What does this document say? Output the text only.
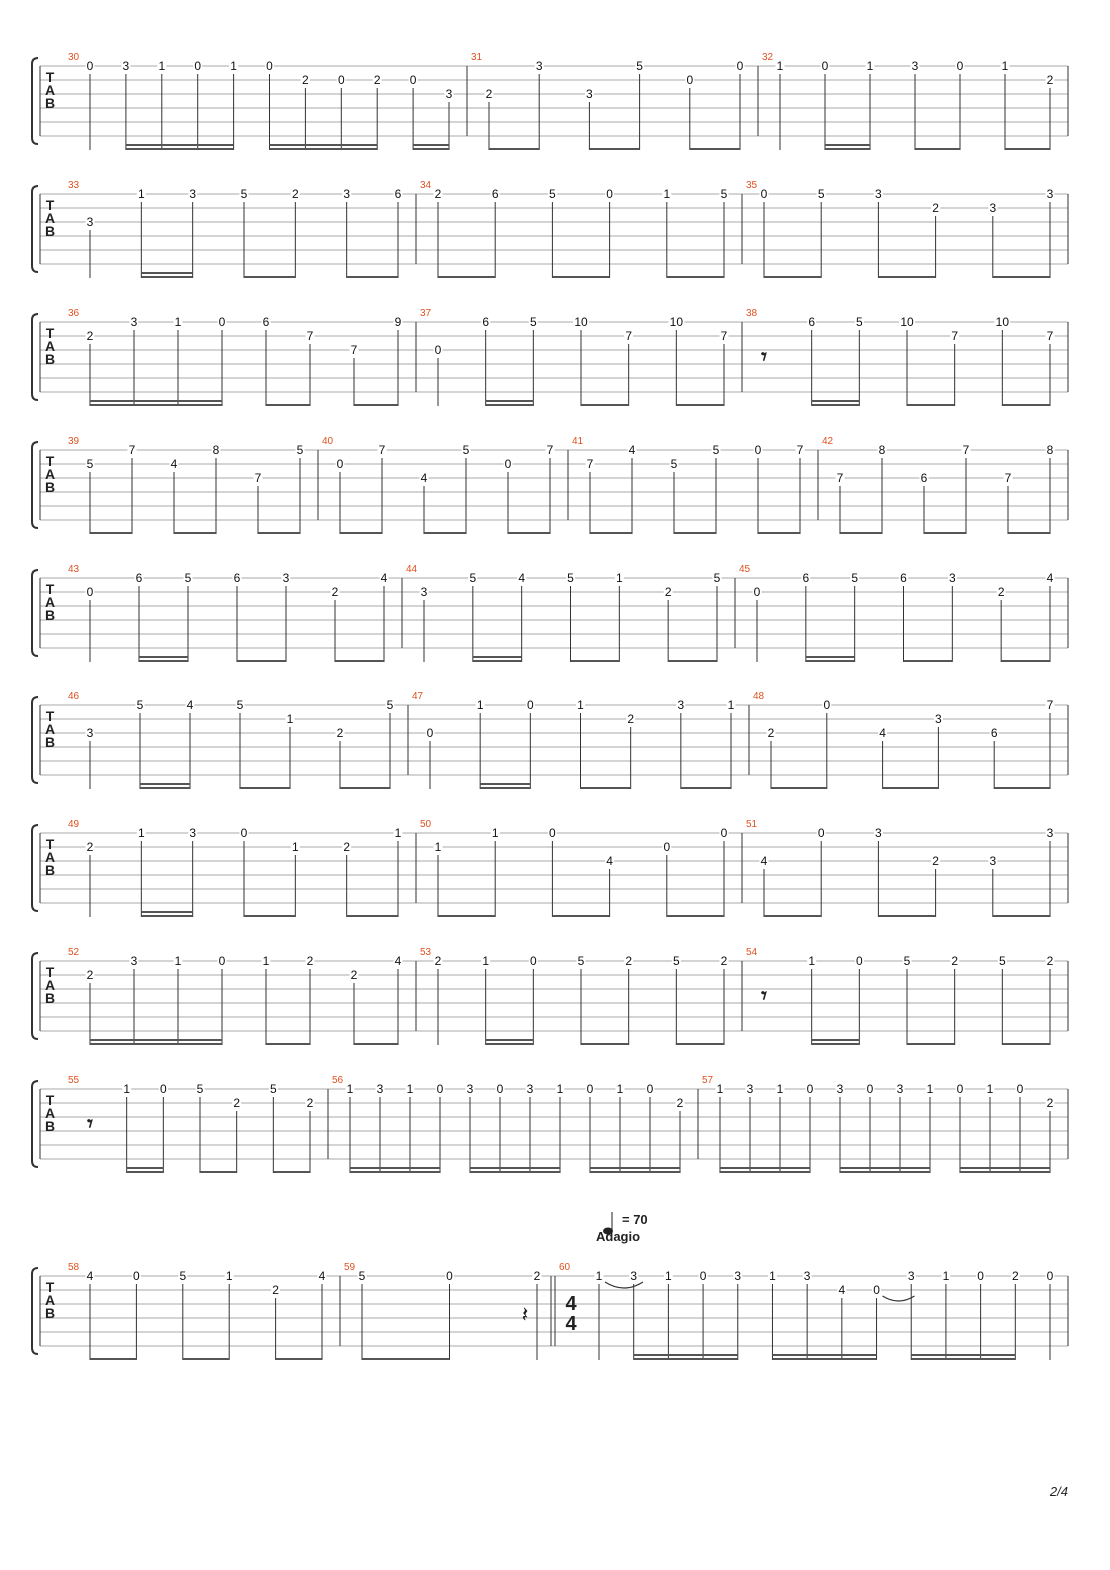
T
A
B
30
0 3 1 0 1 0
2 0 2 0
3
31
2
3
3
5
0
0
32
1	0	1	3	0	1
2
T
A
B
33
3
1	3	5	2	3	6
34
2	6	5	0	1	5
35
0	5	3
2	3
3
T
A
B
36
2
3	1	0	6
7
7
9
37
0
6	5	10
7
10
7
38
𝄾
6	5	10
7
10
7
T
A
B
39
5
7
4
8
7
5
40
0
7
4
5
0
7
41
7
4
5
5	0	7
42
7
8
6
7
7
8
T
A
B
43
0
6	5	6	3
2
4
44
3
5	4	5	1
2
5
45
0
6	5	6	3
2
4
T
A
B
46
3
5	4	5
1
2
5
47
0
1	0	1
2
3	1
48
2
0
4
3
6
7
T
A
B
49
2
1	3	0
1	2
1
50
1
1	0
4
0
0
51
4
0	3
2	3
3
T
A
B
52
2
3	1	0	1	2
2
4
53
2	1	0	5	2	5	2
54
𝄾
1	0	5	2	5	2
T
A
B
55
𝄾
1 0 5
2
5
2
56
1 3 1 0 3 0 3 1 0 1 0
2
57
1 3 1 0 3 0 3 1 0 1 0
2
T
A
B	4
4
= 70
Adagio
58
4	0	5	1
2
4
59
5	0	2
𝄽
60
1 3 1 0 3 1 3
4 0
3 1 0 2 0
2/4
